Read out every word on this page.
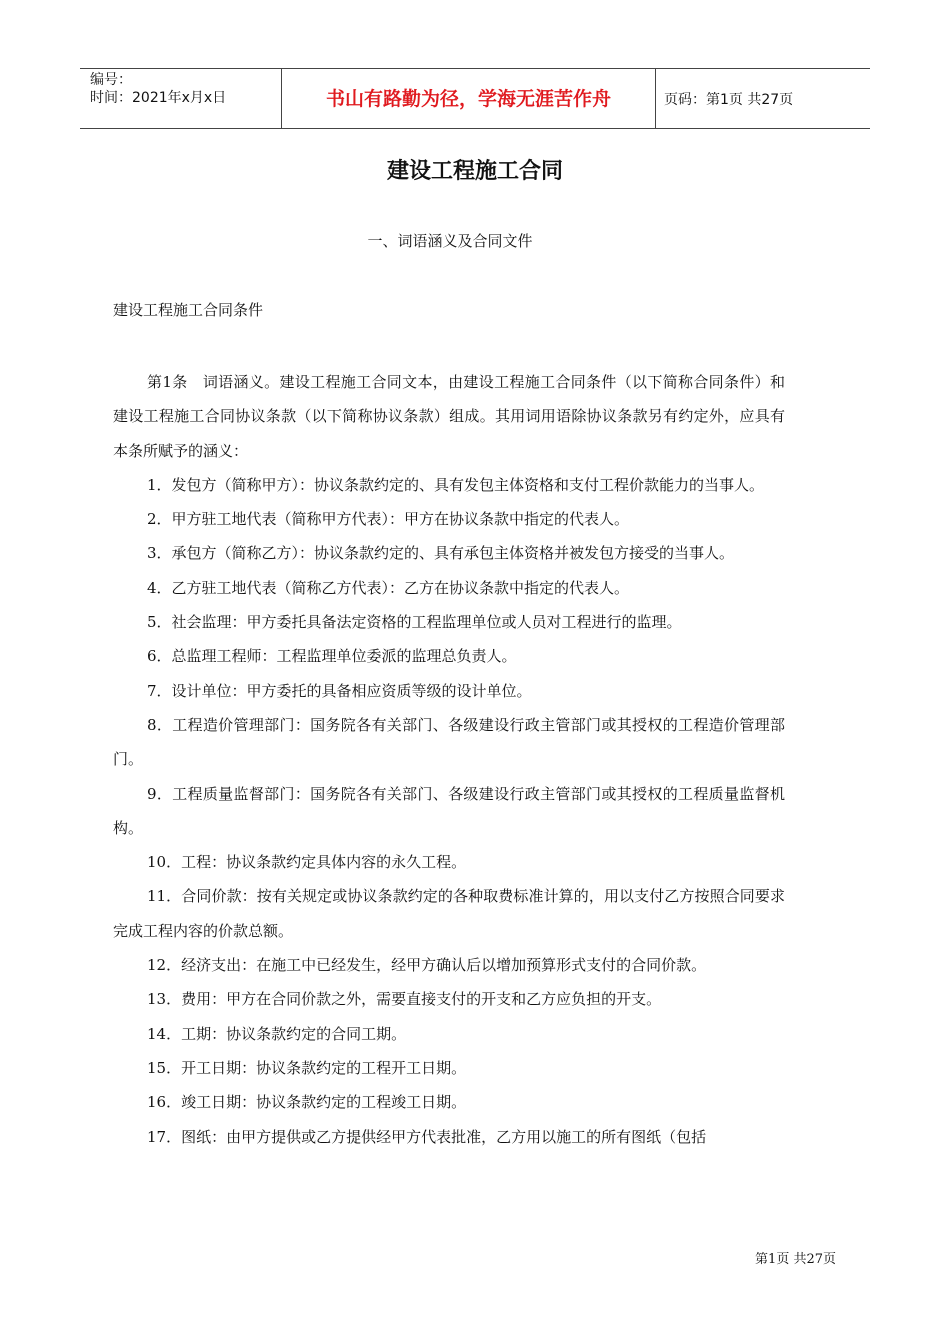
编号：
时间：2021年x月x日	书山有路勤为径，学海无涯苦作舟	页码：第1页 共27页
建设工程施工合同
一、词语涵义及合同文件
建设工程施工合同条件

第1条　词语涵义。建设工程施工合同文本，由建设工程施工合同条件（以下简称合同条件）和建设工程施工合同协议条款（以下简称协议条款）组成。其用词用语除协议条款另有约定外，应具有本条所赋予的涵义：

1．发包方（简称甲方）：协议条款约定的、具有发包主体资格和支付工程价款能力的当事人。

2．甲方驻工地代表（简称甲方代表）：甲方在协议条款中指定的代表人。

3．承包方（简称乙方）：协议条款约定的、具有承包主体资格并被发包方接受的当事人。

4．乙方驻工地代表（简称乙方代表）：乙方在协议条款中指定的代表人。

5．社会监理：甲方委托具备法定资格的工程监理单位或人员对工程进行的监理。

6．总监理工程师：工程监理单位委派的监理总负责人。

7．设计单位：甲方委托的具备相应资质等级的设计单位。

8．工程造价管理部门：国务院各有关部门、各级建设行政主管部门或其授权的工程造价管理部门。

9．工程质量监督部门：国务院各有关部门、各级建设行政主管部门或其授权的工程质量监督机构。

10．工程：协议条款约定具体内容的永久工程。

11．合同价款：按有关规定或协议条款约定的各种取费标准计算的，用以支付乙方按照合同要求完成工程内容的价款总额。

12．经济支出：在施工中已经发生，经甲方确认后以增加预算形式支付的合同价款。

13．费用：甲方在合同价款之外，需要直接支付的开支和乙方应负担的开支。

14．工期：协议条款约定的合同工期。

15．开工日期：协议条款约定的工程开工日期。

16．竣工日期：协议条款约定的工程竣工日期。

17．图纸：由甲方提供或乙方提供经甲方代表批准，乙方用以施工的所有图纸（包括

第1页 共27页
